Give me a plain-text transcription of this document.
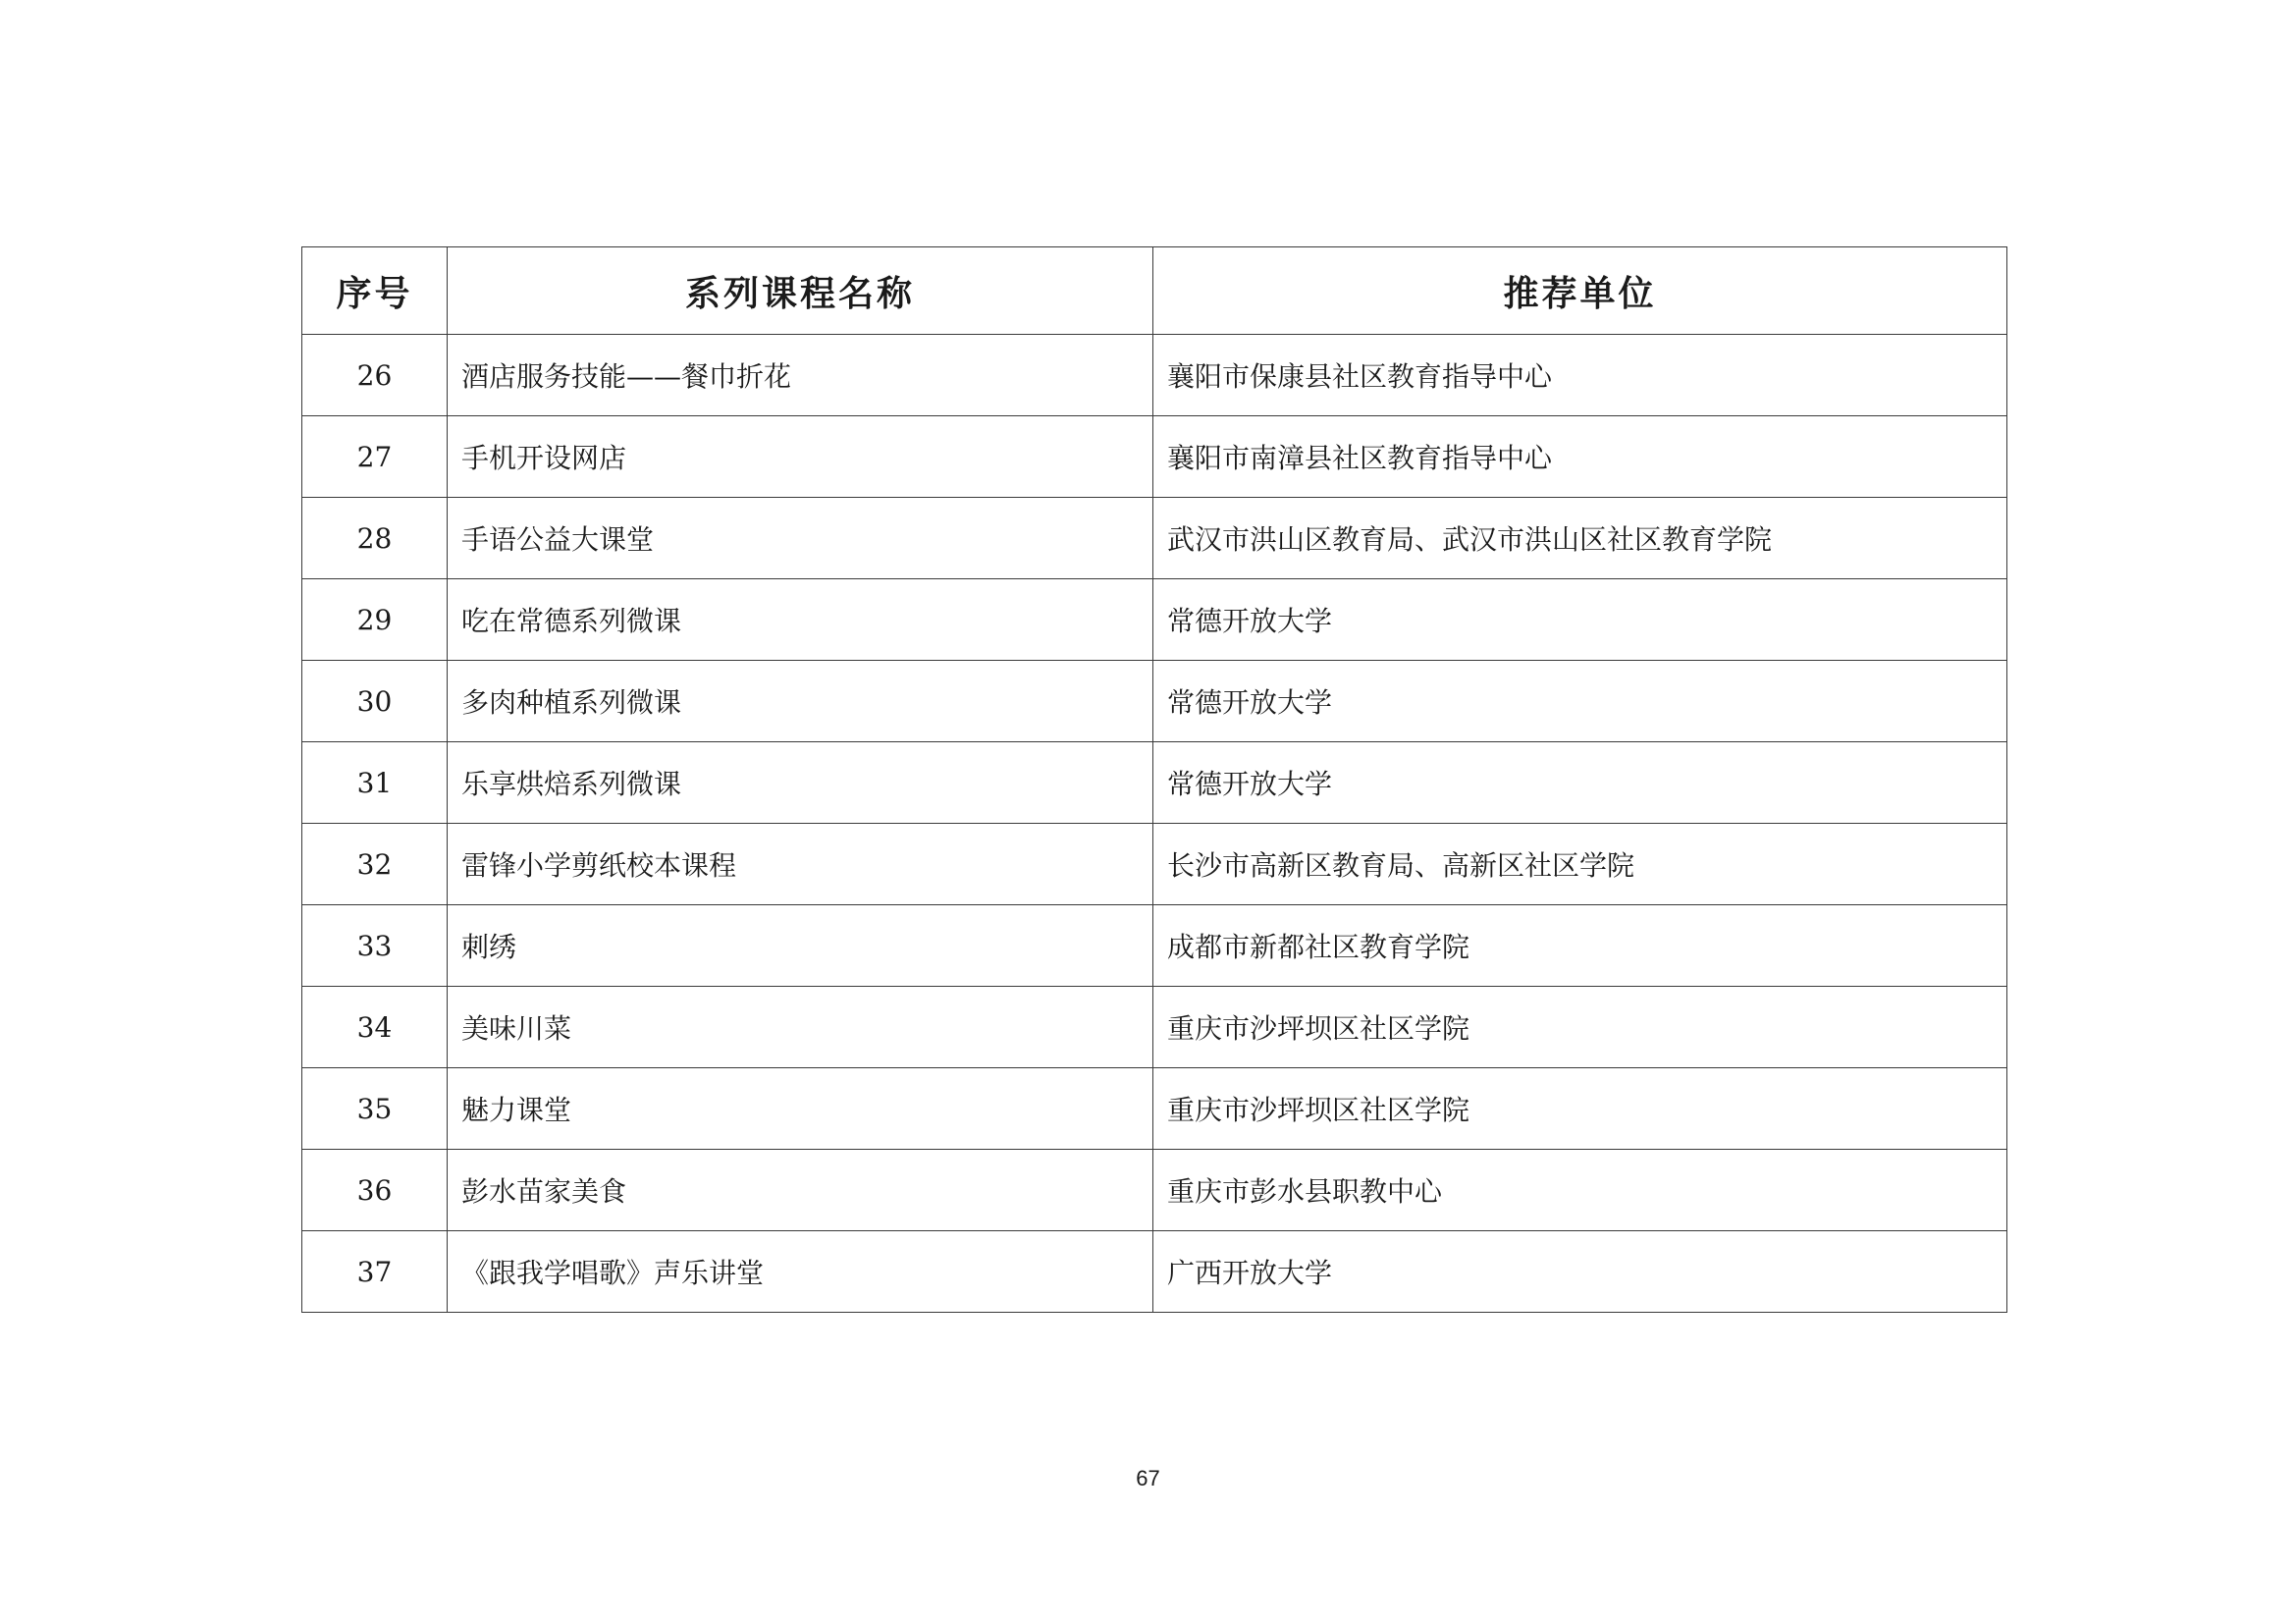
序号	系列课程名称	推荐单位
26	酒店服务技能——餐巾折花	襄阳市保康县社区教育指导中心
27	手机开设网店	襄阳市南漳县社区教育指导中心
28	手语公益大课堂	武汉市洪山区教育局、武汉市洪山区社区教育学院
29	吃在常德系列微课	常德开放大学
30	多肉种植系列微课	常德开放大学
31	乐享烘焙系列微课	常德开放大学
32	雷锋小学剪纸校本课程	长沙市高新区教育局、高新区社区学院
33	刺绣	成都市新都社区教育学院
34	美味川菜	重庆市沙坪坝区社区学院
35	魅力课堂	重庆市沙坪坝区社区学院
36	彭水苗家美食	重庆市彭水县职教中心
37	《跟我学唱歌》声乐讲堂	广西开放大学
67
